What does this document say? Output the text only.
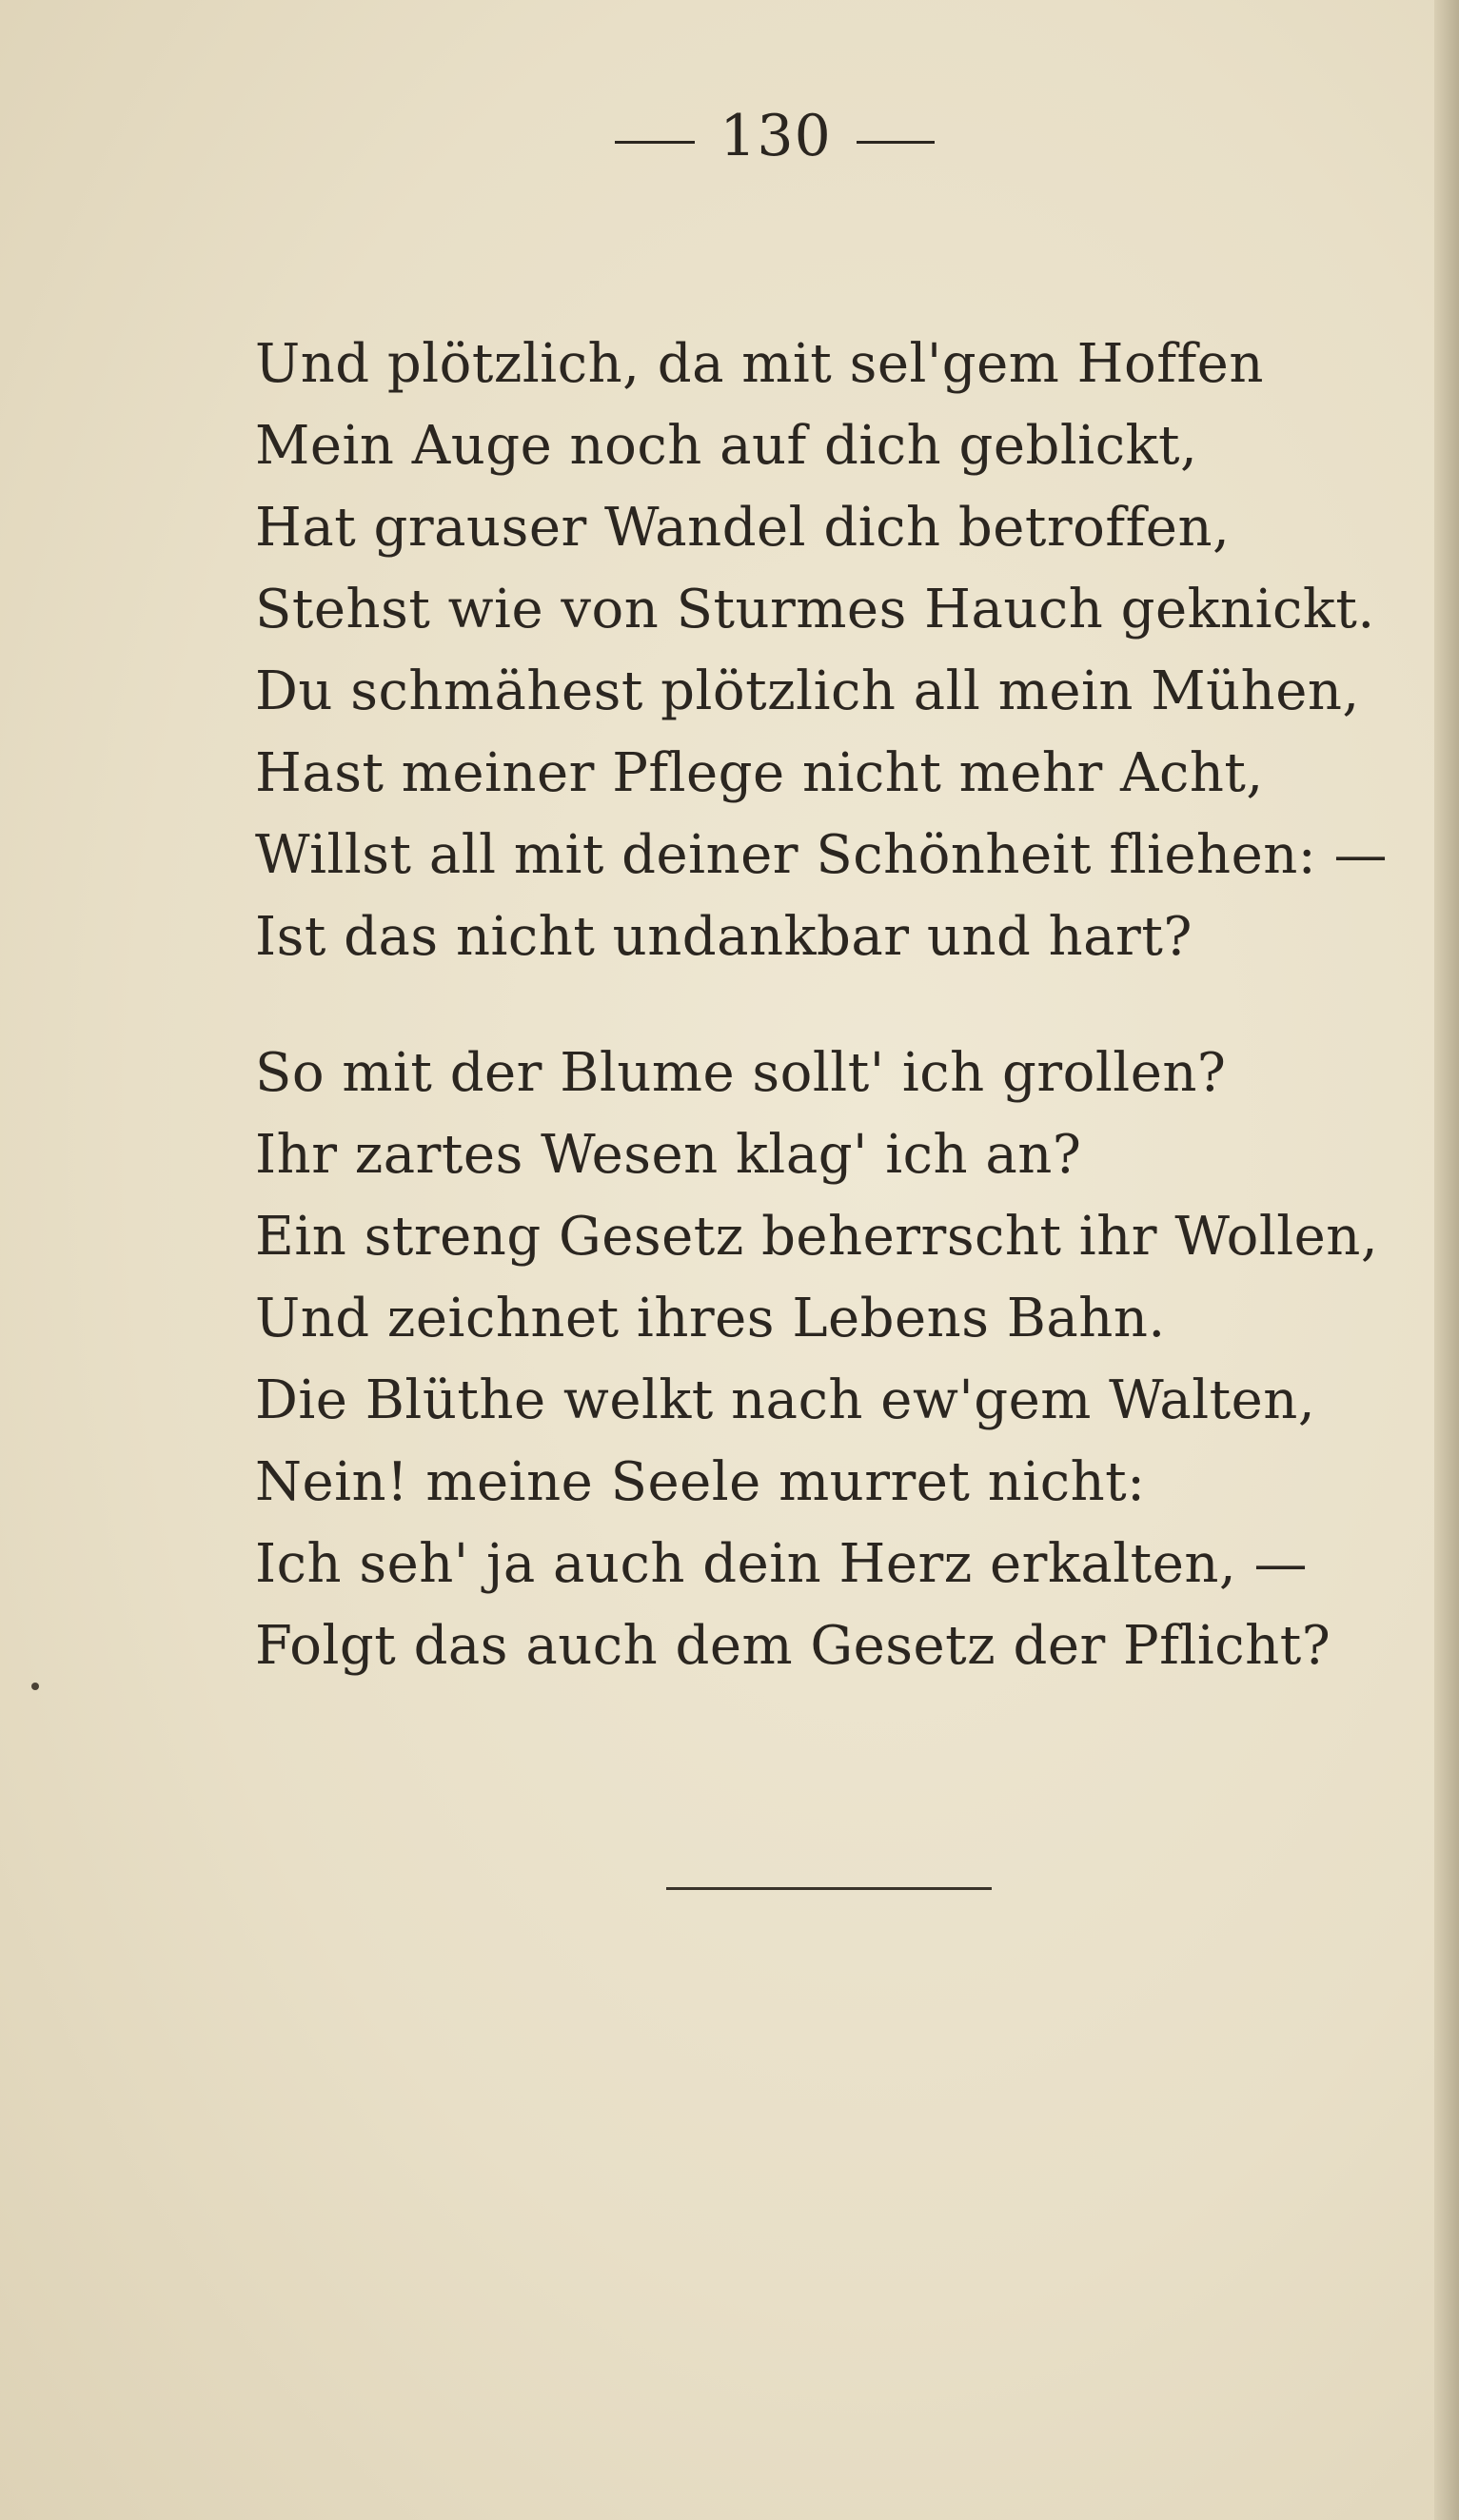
130
Und plötzlich, da mit sel'gem Hoffen
Mein Auge noch auf dich geblickt,
Hat grauser Wandel dich betroffen,
Stehst wie von Sturmes Hauch geknickt.
Du schmähest plötzlich all mein Mühen,
Hast meiner Pflege nicht mehr Acht,
Willst all mit deiner Schönheit fliehen: —
Ist das nicht undankbar und hart?
So mit der Blume sollt' ich grollen?
Ihr zartes Wesen klag' ich an?
Ein streng Gesetz beherrscht ihr Wollen,
Und zeichnet ihres Lebens Bahn.
Die Blüthe welkt nach ew'gem Walten,
Nein! meine Seele murret nicht:
Ich seh' ja auch dein Herz erkalten, —
Folgt das auch dem Gesetz der Pflicht?
